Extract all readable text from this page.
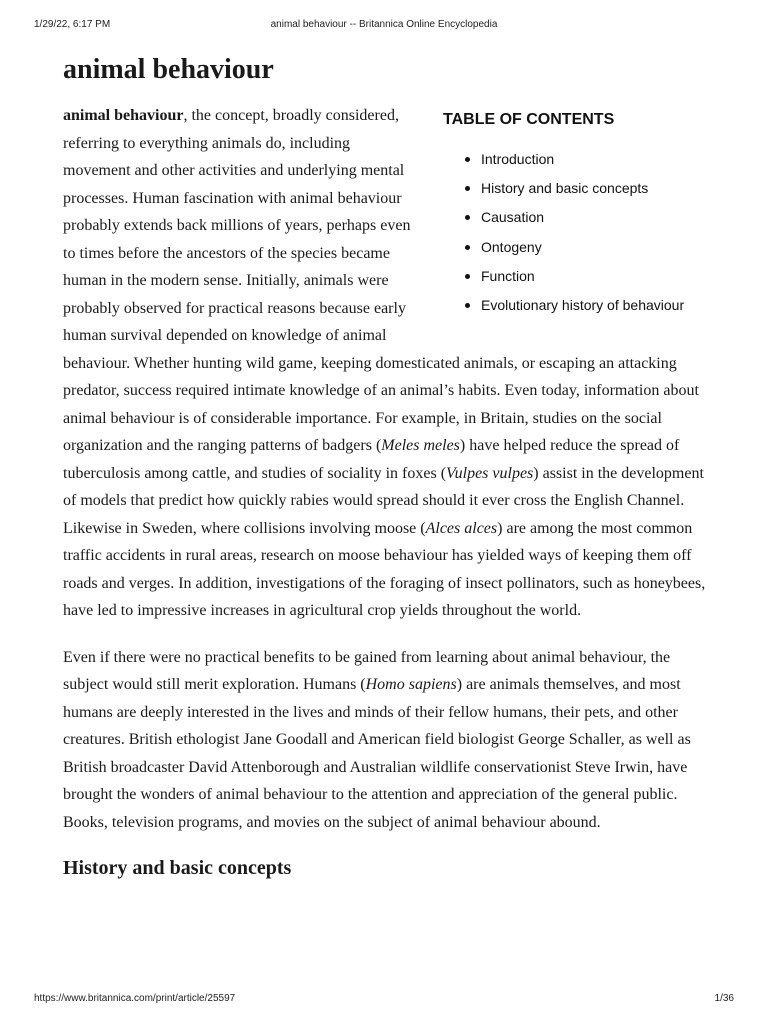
1/29/22, 6:17 PM	animal behaviour -- Britannica Online Encyclopedia
animal behaviour
TABLE OF CONTENTS
Introduction
History and basic concepts
Causation
Ontogeny
Function
Evolutionary history of behaviour

animal behaviour, the concept, broadly considered, referring to everything animals do, including movement and other activities and underlying mental processes. Human fascination with animal behaviour probably extends back millions of years, perhaps even to times before the ancestors of the species became human in the modern sense. Initially, animals were probably observed for practical reasons because early human survival depended on knowledge of animal behaviour. Whether hunting wild game, keeping domesticated animals, or escaping an attacking predator, success required intimate knowledge of an animal’s habits. Even today, information about animal behaviour is of considerable importance. For example, in Britain, studies on the social organization and the ranging patterns of badgers (Meles meles) have helped reduce the spread of tuberculosis among cattle, and studies of sociality in foxes (Vulpes vulpes) assist in the development of models that predict how quickly rabies would spread should it ever cross the English Channel. Likewise in Sweden, where collisions involving moose (Alces alces) are among the most common traffic accidents in rural areas, research on moose behaviour has yielded ways of keeping them off roads and verges. In addition, investigations of the foraging of insect pollinators, such as honeybees, have led to impressive increases in agricultural crop yields throughout the world.

Even if there were no practical benefits to be gained from learning about animal behaviour, the subject would still merit exploration. Humans (Homo sapiens) are animals themselves, and most humans are deeply interested in the lives and minds of their fellow humans, their pets, and other creatures. British ethologist Jane Goodall and American field biologist George Schaller, as well as British broadcaster David Attenborough and Australian wildlife conservationist Steve Irwin, have brought the wonders of animal behaviour to the attention and appreciation of the general public. Books, television programs, and movies on the subject of animal behaviour abound.

History and basic concepts
https://www.britannica.com/print/article/25597	1/36
